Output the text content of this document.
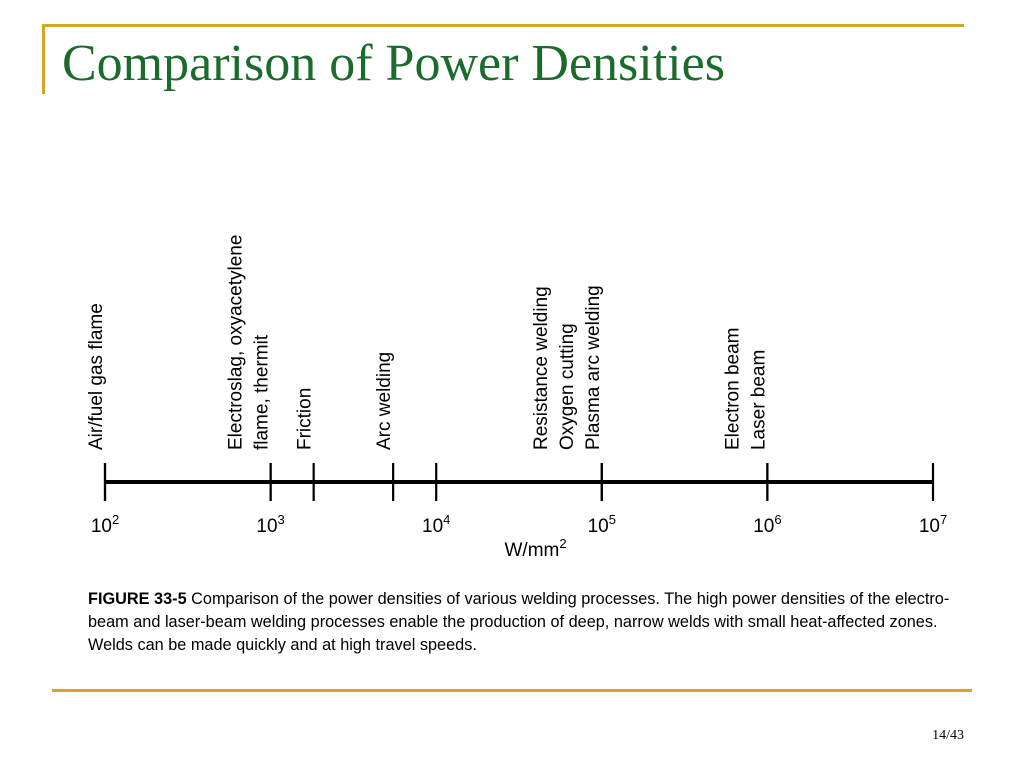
Comparison of Power Densities
$10^2$	$10^3$	$10^4$	$10^5$	$10^6$	$10^7$
$W/mm^2$
Air/fuel gas flame	Electroslag, oxyacetylene flame, thermit Friction	Arc welding	Resistance welding Oxygen cutting Plasma arc welding	Electron beam Laser beam
FIGURE 33-5 Comparison of the power densities of various welding processes. The high power densities of the electro-beam and laser-beam welding processes enable the production of deep, narrow welds with small heat-affected zones. Welds can be made quickly and at high travel speeds.
14/43
